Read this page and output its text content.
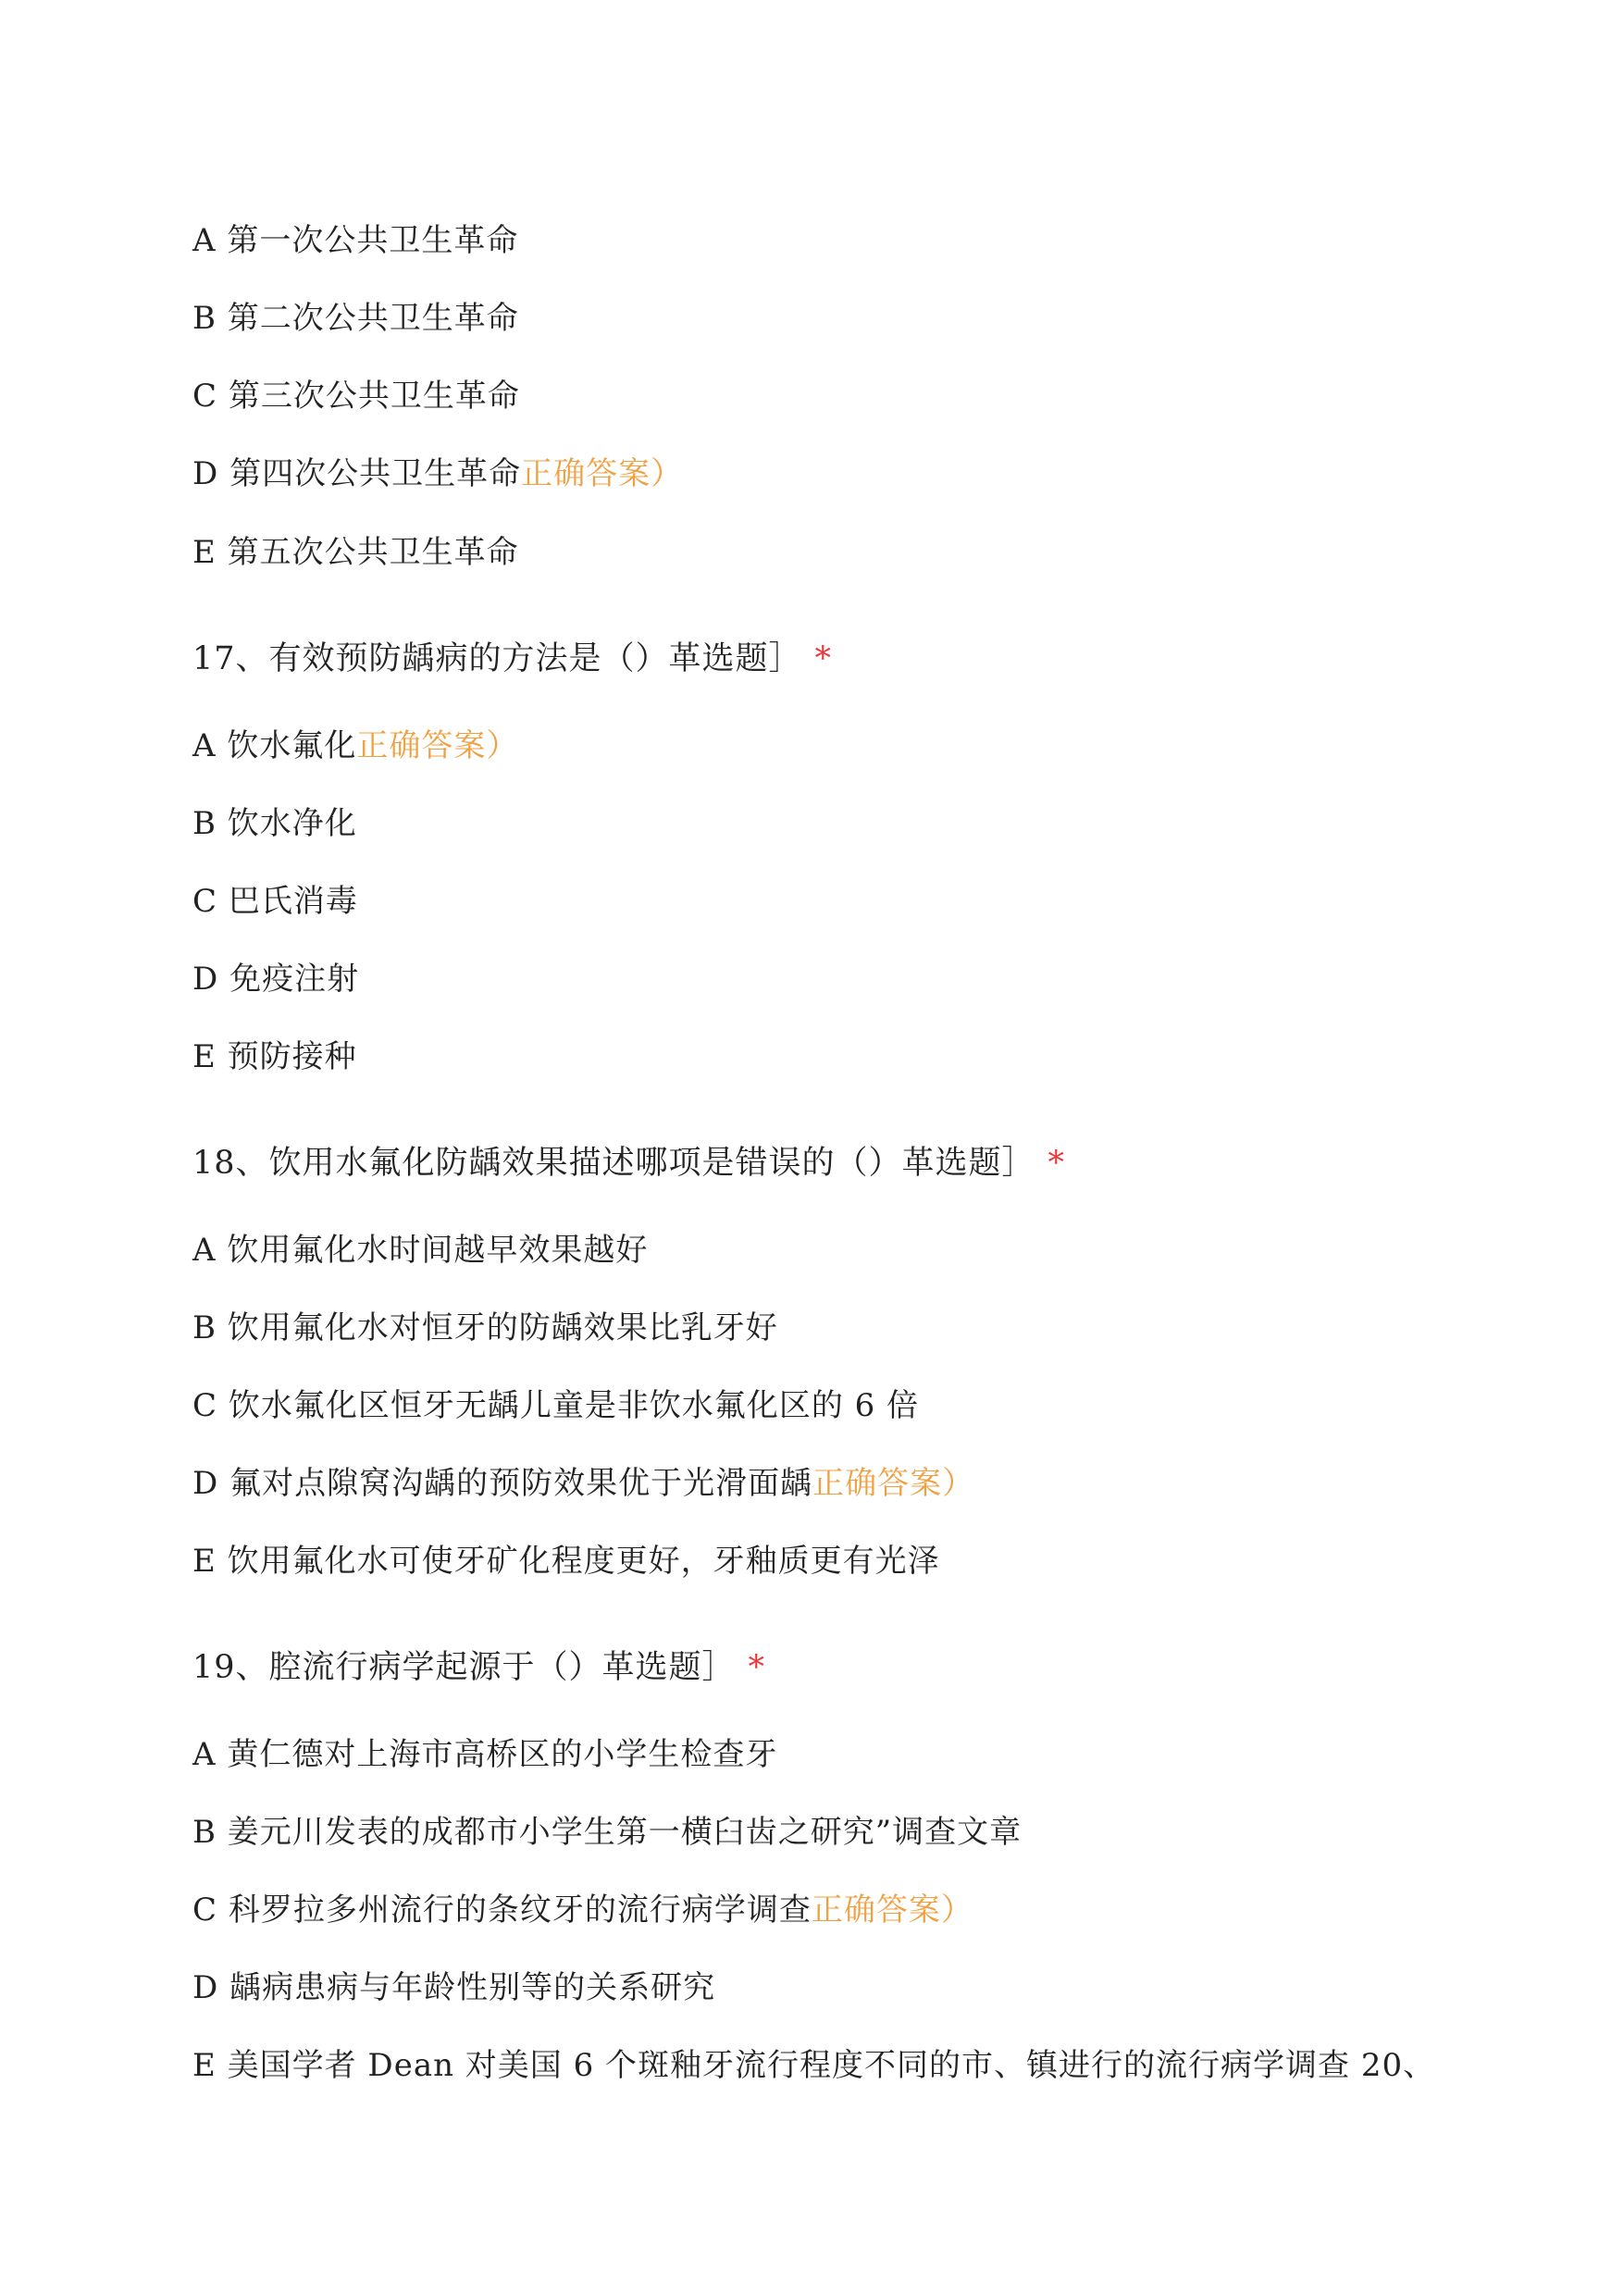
A 第一次公共卫生革命
B 第二次公共卫生革命
C 第三次公共卫生革命
D 第四次公共卫生革命正确答案）
E 第五次公共卫生革命
17、有效预防龋病的方法是（）革选题］ *
A 饮水氟化正确答案）
B 饮水净化
C 巴氏消毒
D 免疫注射
E 预防接种
18、饮用水氟化防龋效果描述哪项是错误的（）革选题］ *
A 饮用氟化水时间越早效果越好
B 饮用氟化水对恒牙的防龋效果比乳牙好
C 饮水氟化区恒牙无龋儿童是非饮水氟化区的 6 倍
D 氟对点隙窝沟龋的预防效果优于光滑面龋正确答案）
E 饮用氟化水可使牙矿化程度更好，牙釉质更有光泽
19、腔流行病学起源于（）革选题］ *
A 黄仁德对上海市高桥区的小学生检查牙
B 姜元川发表的成都市小学生第一横臼齿之研究”调查文章
C 科罗拉多州流行的条纹牙的流行病学调查正确答案）
D 龋病患病与年龄性别等的关系研究
E 美国学者 Dean 对美国 6 个斑釉牙流行程度不同的市、镇进行的流行病学调查 20、
